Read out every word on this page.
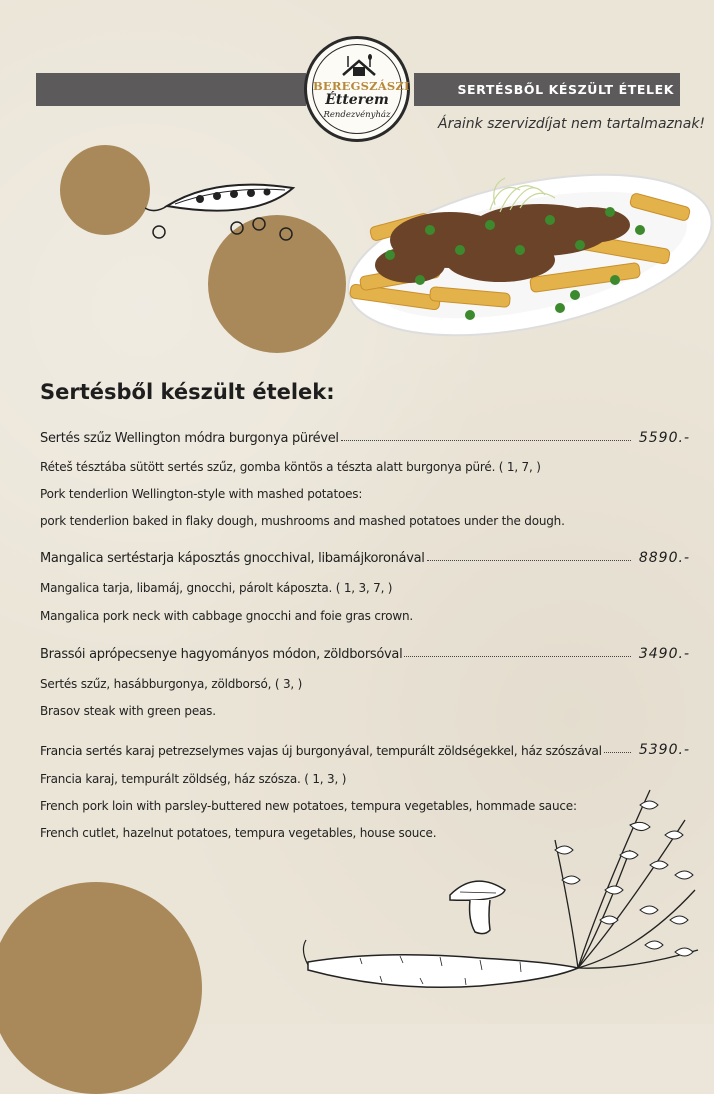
SERTÉSBŐL KÉSZÜLT ÉTELEK
BEREGSZÁSZI
Étterem
Rendezvényház
Áraink szervizdíjat nem tartalmaznak!
Sertésből készült ételek:
Sertés szűz Wellington módra burgonya pürével	5590.-
Réteš tésztába sütött sertés szűz, gomba köntös a tészta alatt burgonya püré. ( 1, 7, )
Pork tenderlion Wellington-style with mashed potatoes:
pork tenderlion baked in flaky dough, mushrooms and mashed potatoes under the dough.
Mangalica sertéstarja káposztás gnocchival, libamájkoronával	8890.-
Mangalica tarja, libamáj, gnocchi, párolt káposzta. ( 1, 3, 7, )
Mangalica pork neck with cabbage gnocchi and foie gras crown.
Brassói aprópecsenye hagyományos módon, zöldborsóval	3490.-
Sertés szűz, hasábburgonya, zöldborsó, ( 3, )
Brasov steak with green peas.
Francia sertés karaj petrezselymes vajas új burgonyával, tempurált zöldségekkel, ház szószával	5390.-
Francia karaj, tempurált zöldség, ház szósza. ( 1, 3, )
French pork loin with parsley-buttered new potatoes, tempura vegetables, hommade sauce:
French cutlet, hazelnut potatoes, tempura vegetables, house souce.
